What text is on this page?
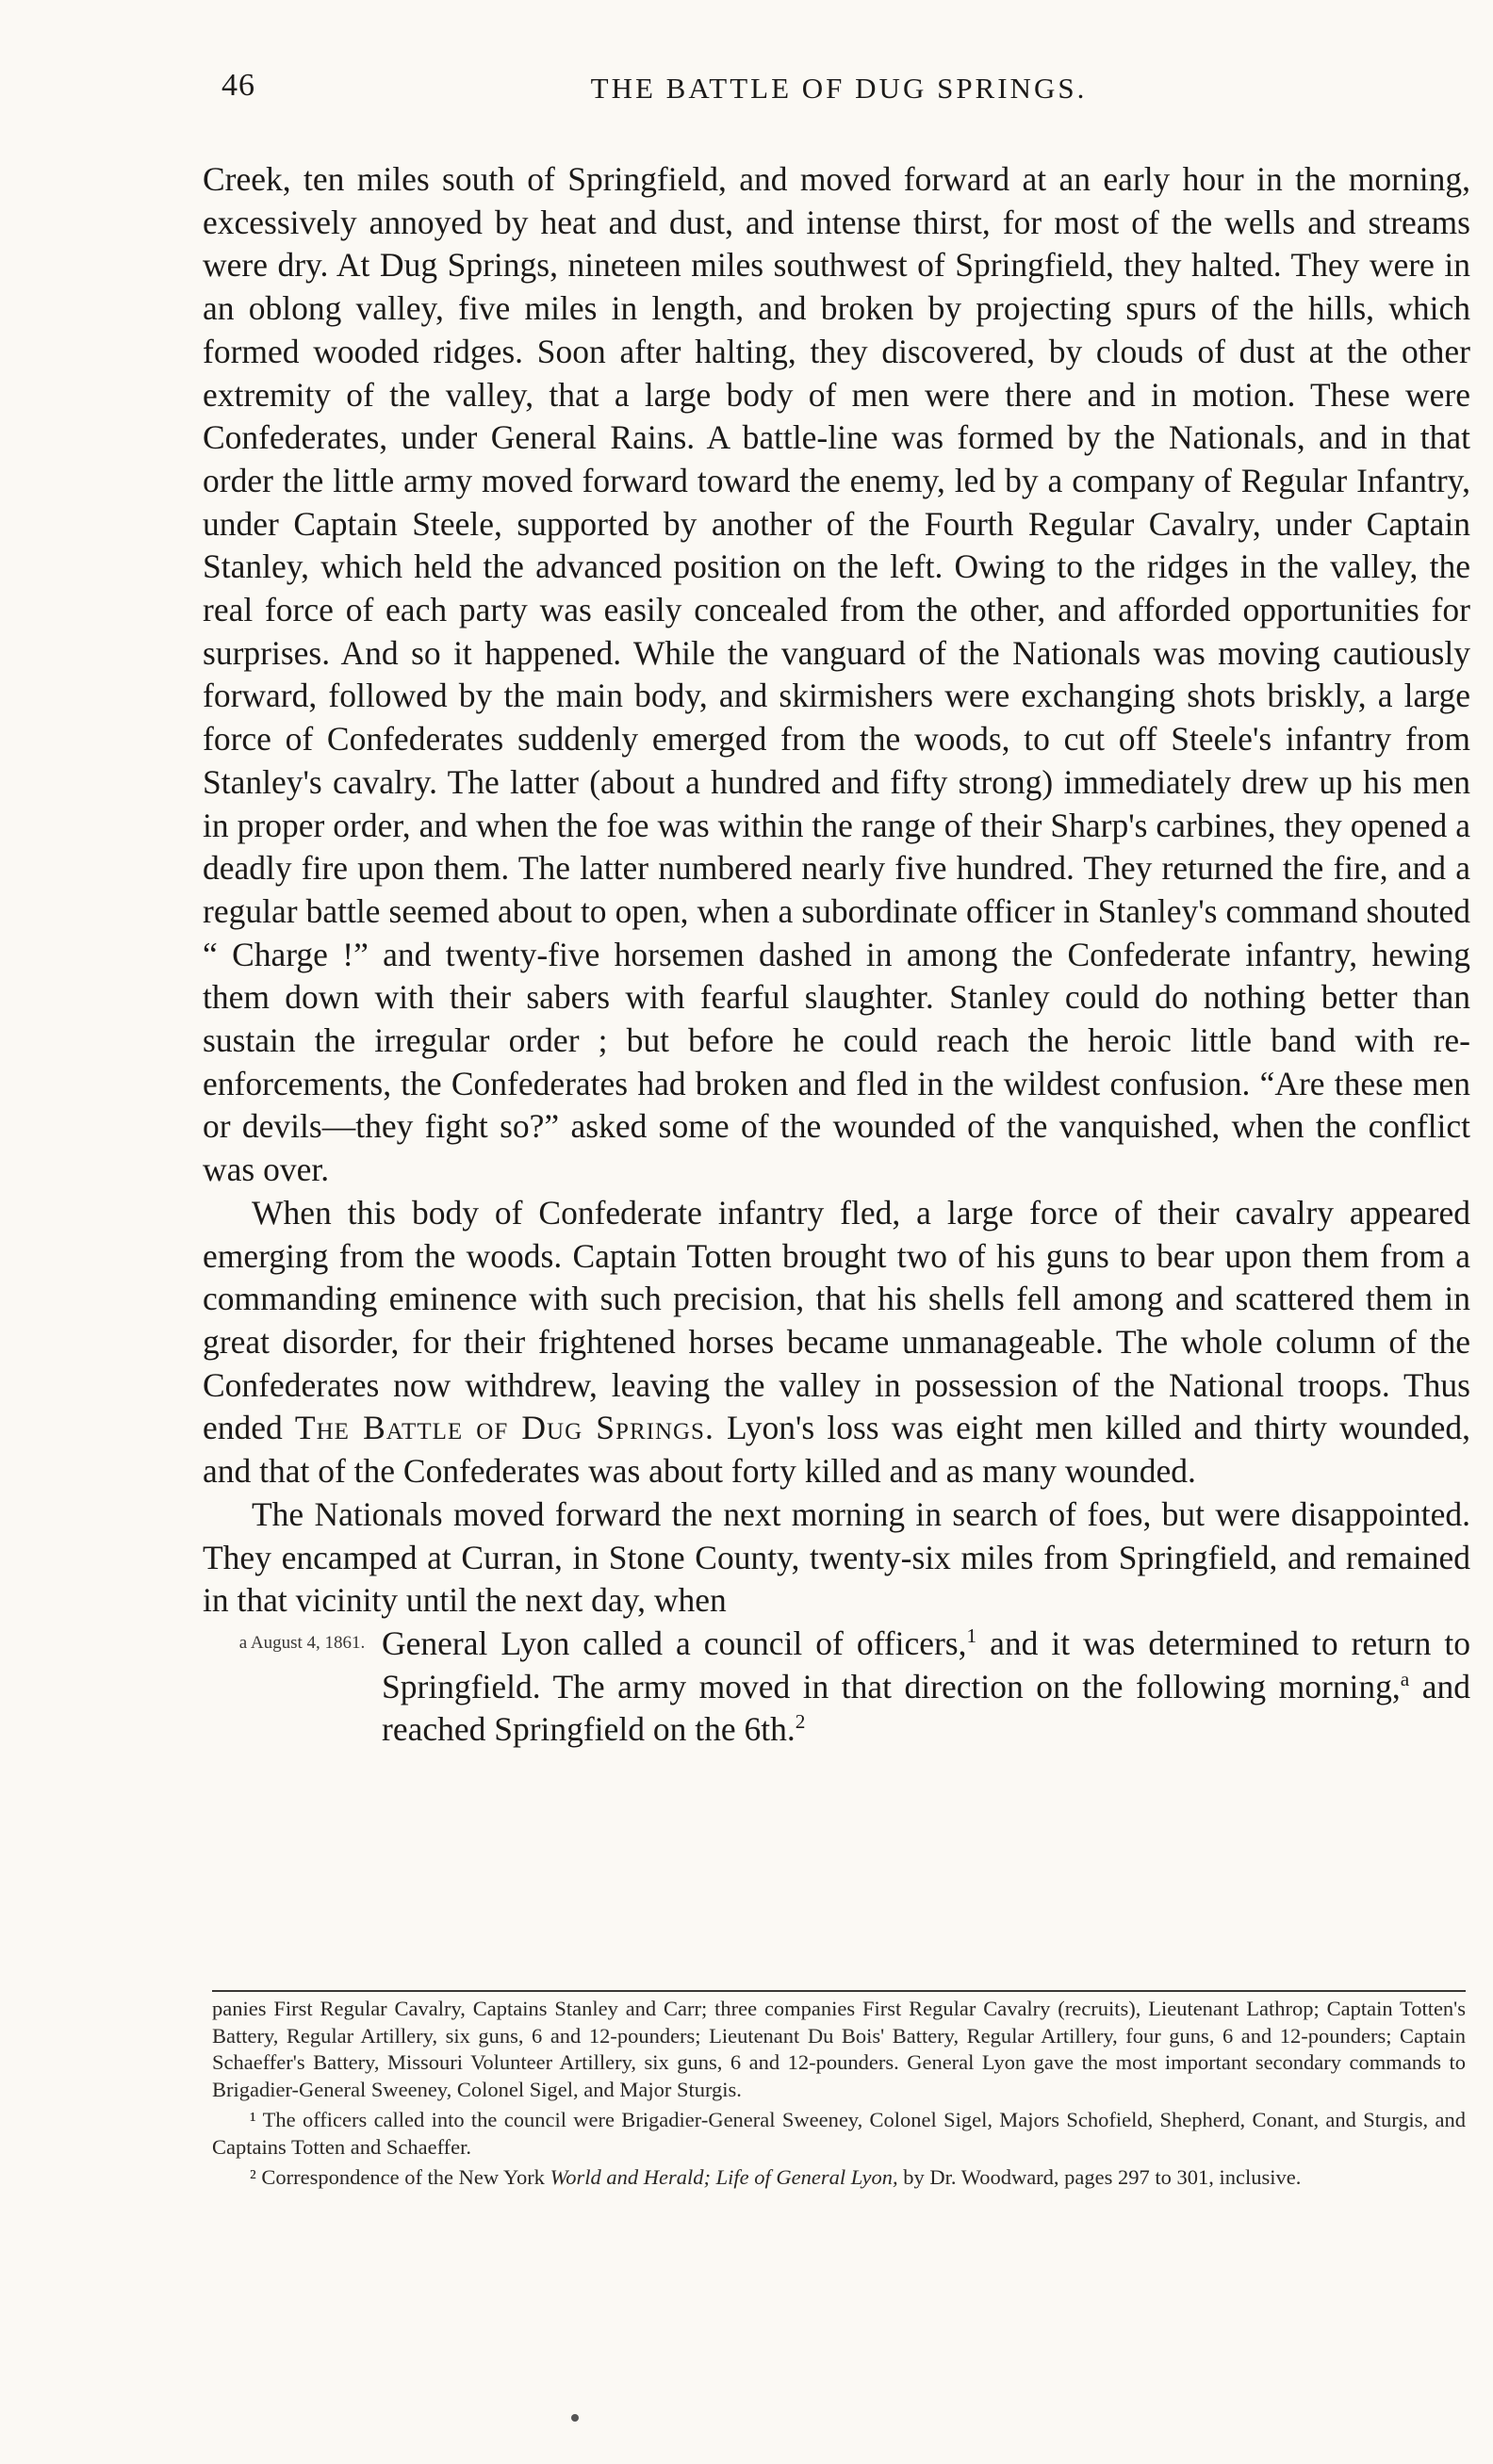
46	THE BATTLE OF DUG SPRINGS.

Creek, ten miles south of Springfield, and moved forward at an early hour in the morning, excessively annoyed by heat and dust, and intense thirst, for most of the wells and streams were dry. At Dug Springs, nineteen miles southwest of Springfield, they halted. They were in an oblong valley, five miles in length, and broken by projecting spurs of the hills, which formed wooded ridges. Soon after halting, they discovered, by clouds of dust at the other extremity of the valley, that a large body of men were there and in motion. These were Confederates, under General Rains. A battle-line was formed by the Nationals, and in that order the little army moved forward toward the enemy, led by a company of Regular Infantry, under Captain Steele, supported by another of the Fourth Regular Cavalry, under Captain Stanley, which held the advanced position on the left. Owing to the ridges in the valley, the real force of each party was easily concealed from the other, and afforded opportunities for surprises. And so it happened. While the vanguard of the Nationals was moving cautiously forward, followed by the main body, and skirmishers were exchanging shots briskly, a large force of Confederates suddenly emerged from the woods, to cut off Steele's infantry from Stanley's cavalry. The latter (about a hundred and fifty strong) immediately drew up his men in proper order, and when the foe was within the range of their Sharp's carbines, they opened a deadly fire upon them. The latter numbered nearly five hundred. They returned the fire, and a regular battle seemed about to open, when a subordinate officer in Stanley's command shouted “ Charge !” and twenty-five horsemen dashed in among the Confederate infantry, hewing them down with their sabers with fearful slaughter. Stanley could do nothing better than sustain the irregular order ; but before he could reach the heroic little band with re-enforcements, the Confederates had broken and fled in the wildest confusion. “Are these men or devils—they fight so?” asked some of the wounded of the vanquished, when the conflict was over.

When this body of Confederate infantry fled, a large force of their cavalry appeared emerging from the woods. Captain Totten brought two of his guns to bear upon them from a commanding eminence with such precision, that his shells fell among and scattered them in great disorder, for their frightened horses became unmanageable. The whole column of the Confederates now withdrew, leaving the valley in possession of the National troops. Thus ended The Battle of Dug Springs. Lyon's loss was eight men killed and thirty wounded, and that of the Confederates was about forty killed and as many wounded.

The Nationals moved forward the next morning in search of foes, but were disappointed. They encamped at Curran, in Stone County, twenty-six miles from Springfield, and remained in that vicinity until the next day, when

a August 4, 1861. General Lyon called a council of officers,$^1$ and it was determined to return to Springfield. The army moved in that direction on the following morning,$^a$ and reached Springfield on the 6th.$^2$

panies First Regular Cavalry, Captains Stanley and Carr; three companies First Regular Cavalry (recruits), Lieutenant Lathrop; Captain Totten's Battery, Regular Artillery, six guns, 6 and 12-pounders; Lieutenant Du Bois' Battery, Regular Artillery, four guns, 6 and 12-pounders; Captain Schaeffer's Battery, Missouri Volunteer Artillery, six guns, 6 and 12-pounders. General Lyon gave the most important secondary commands to Brigadier-General Sweeney, Colonel Sigel, and Major Sturgis.

¹ The officers called into the council were Brigadier-General Sweeney, Colonel Sigel, Majors Schofield, Shepherd, Conant, and Sturgis, and Captains Totten and Schaeffer.

² Correspondence of the New York World and Herald; Life of General Lyon, by Dr. Woodward, pages 297 to 301, inclusive.
